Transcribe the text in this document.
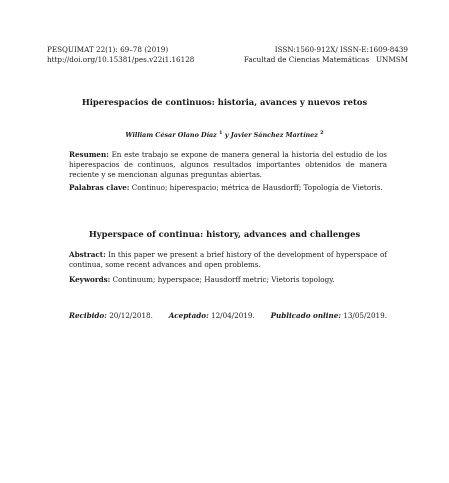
PESQUIMAT 22(1): 69–78 (2019)
http://doi.org/10.15381/pes.v22i1.16128
ISSN:1560-912X/ ISSN-E:1609-8439
Facultad de Ciencias Matemáticas   UNMSM
Hiperespacios de continuos: historia, avances y nuevos retos
William César Olano Díaz $^1$ y Javier Sánchez Martínez $^2$
Resumen: En este trabajo se expone de manera general la historia del estudio de los hiperespacios de continuos, algunos resultados importantes obtenidos de manera reciente y se mencionan algunas preguntas abiertas.
Palabras clave: Continuo; hiperespacio; métrica de Hausdorff; Topología de Vietoris.
Hyperspace of continua: history, advances and challenges
Abstract: In this paper we present a brief history of the development of hyperspace of continua, some recent advances and open problems.
Keywords: Continuum; hyperspace; Hausdorff metric; Vietoris topology.
Recibido: 20/12/2018. Aceptado: 12/04/2019. Publicado online: 13/05/2019.
